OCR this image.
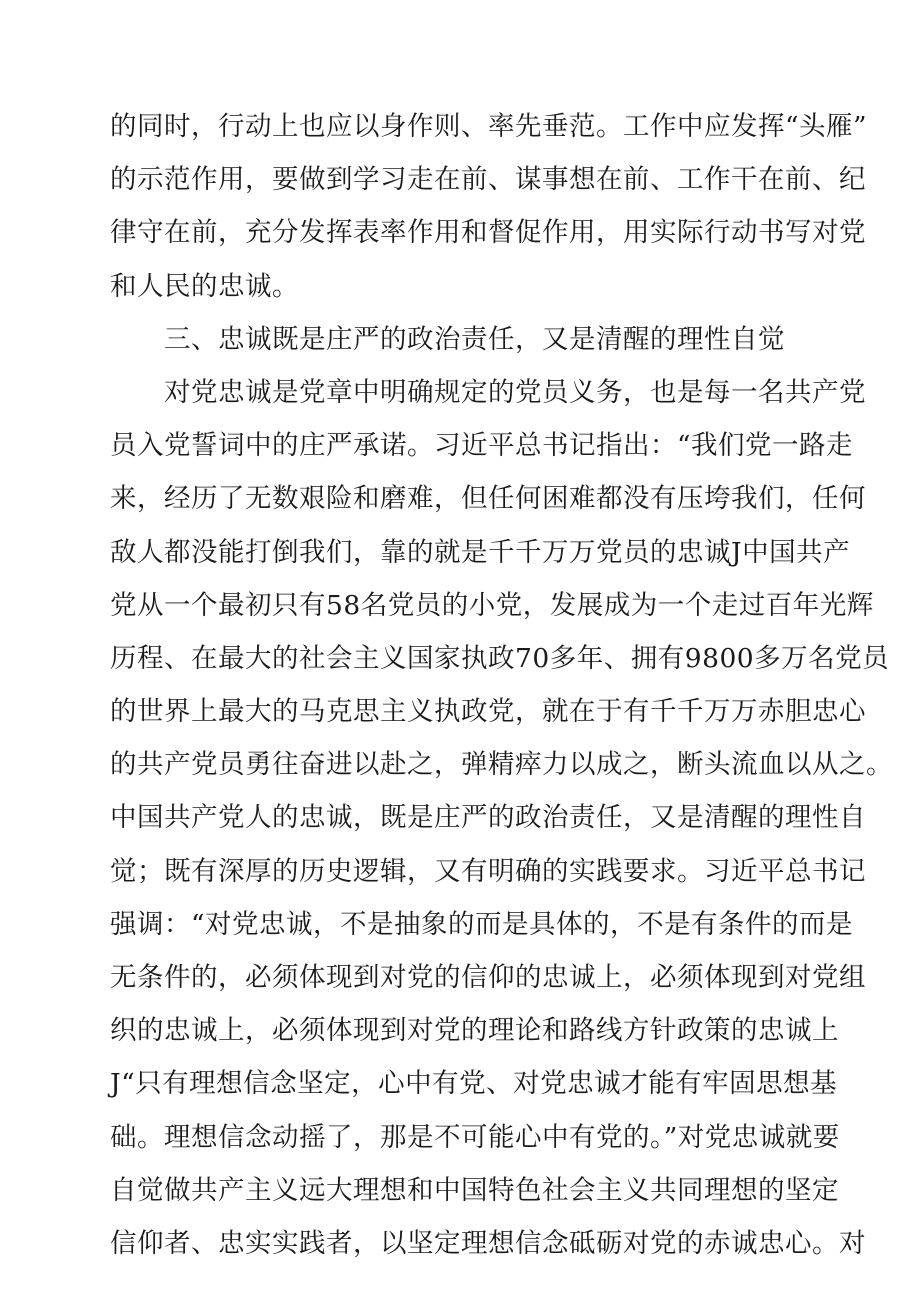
的同时，行动上也应以身作则、率先垂范。工作中应发挥“头雁”
的示范作用，要做到学习走在前、谋事想在前、工作干在前、纪
律守在前，充分发挥表率作用和督促作用，用实际行动书写对党
和人民的忠诚。
三、忠诚既是庄严的政治责任，又是清醒的理性自觉
对党忠诚是党章中明确规定的党员义务，也是每一名共产党
员入党誓词中的庄严承诺。习近平总书记指出：“我们党一路走
来，经历了无数艰险和磨难，但任何困难都没有压垮我们，任何
敌人都没能打倒我们，靠的就是千千万万党员的忠诚J中国共产
党从一个最初只有58名党员的小党，发展成为一个走过百年光辉
历程、在最大的社会主义国家执政70多年、拥有9800多万名党员
的世界上最大的马克思主义执政党，就在于有千千万万赤胆忠心
的共产党员勇往奋进以赴之，弹精瘁力以成之，断头流血以从之。
中国共产党人的忠诚，既是庄严的政治责任，又是清醒的理性自
觉；既有深厚的历史逻辑，又有明确的实践要求。习近平总书记
强调：“对党忠诚，不是抽象的而是具体的，不是有条件的而是
无条件的，必须体现到对党的信仰的忠诚上，必须体现到对党组
织的忠诚上，必须体现到对党的理论和路线方针政策的忠诚上
J“只有理想信念坚定，心中有党、对党忠诚才能有牢固思想基
础。理想信念动摇了，那是不可能心中有党的。”对党忠诚就要
自觉做共产主义远大理想和中国特色社会主义共同理想的坚定
信仰者、忠实实践者，以坚定理想信念砥砺对党的赤诚忠心。对
